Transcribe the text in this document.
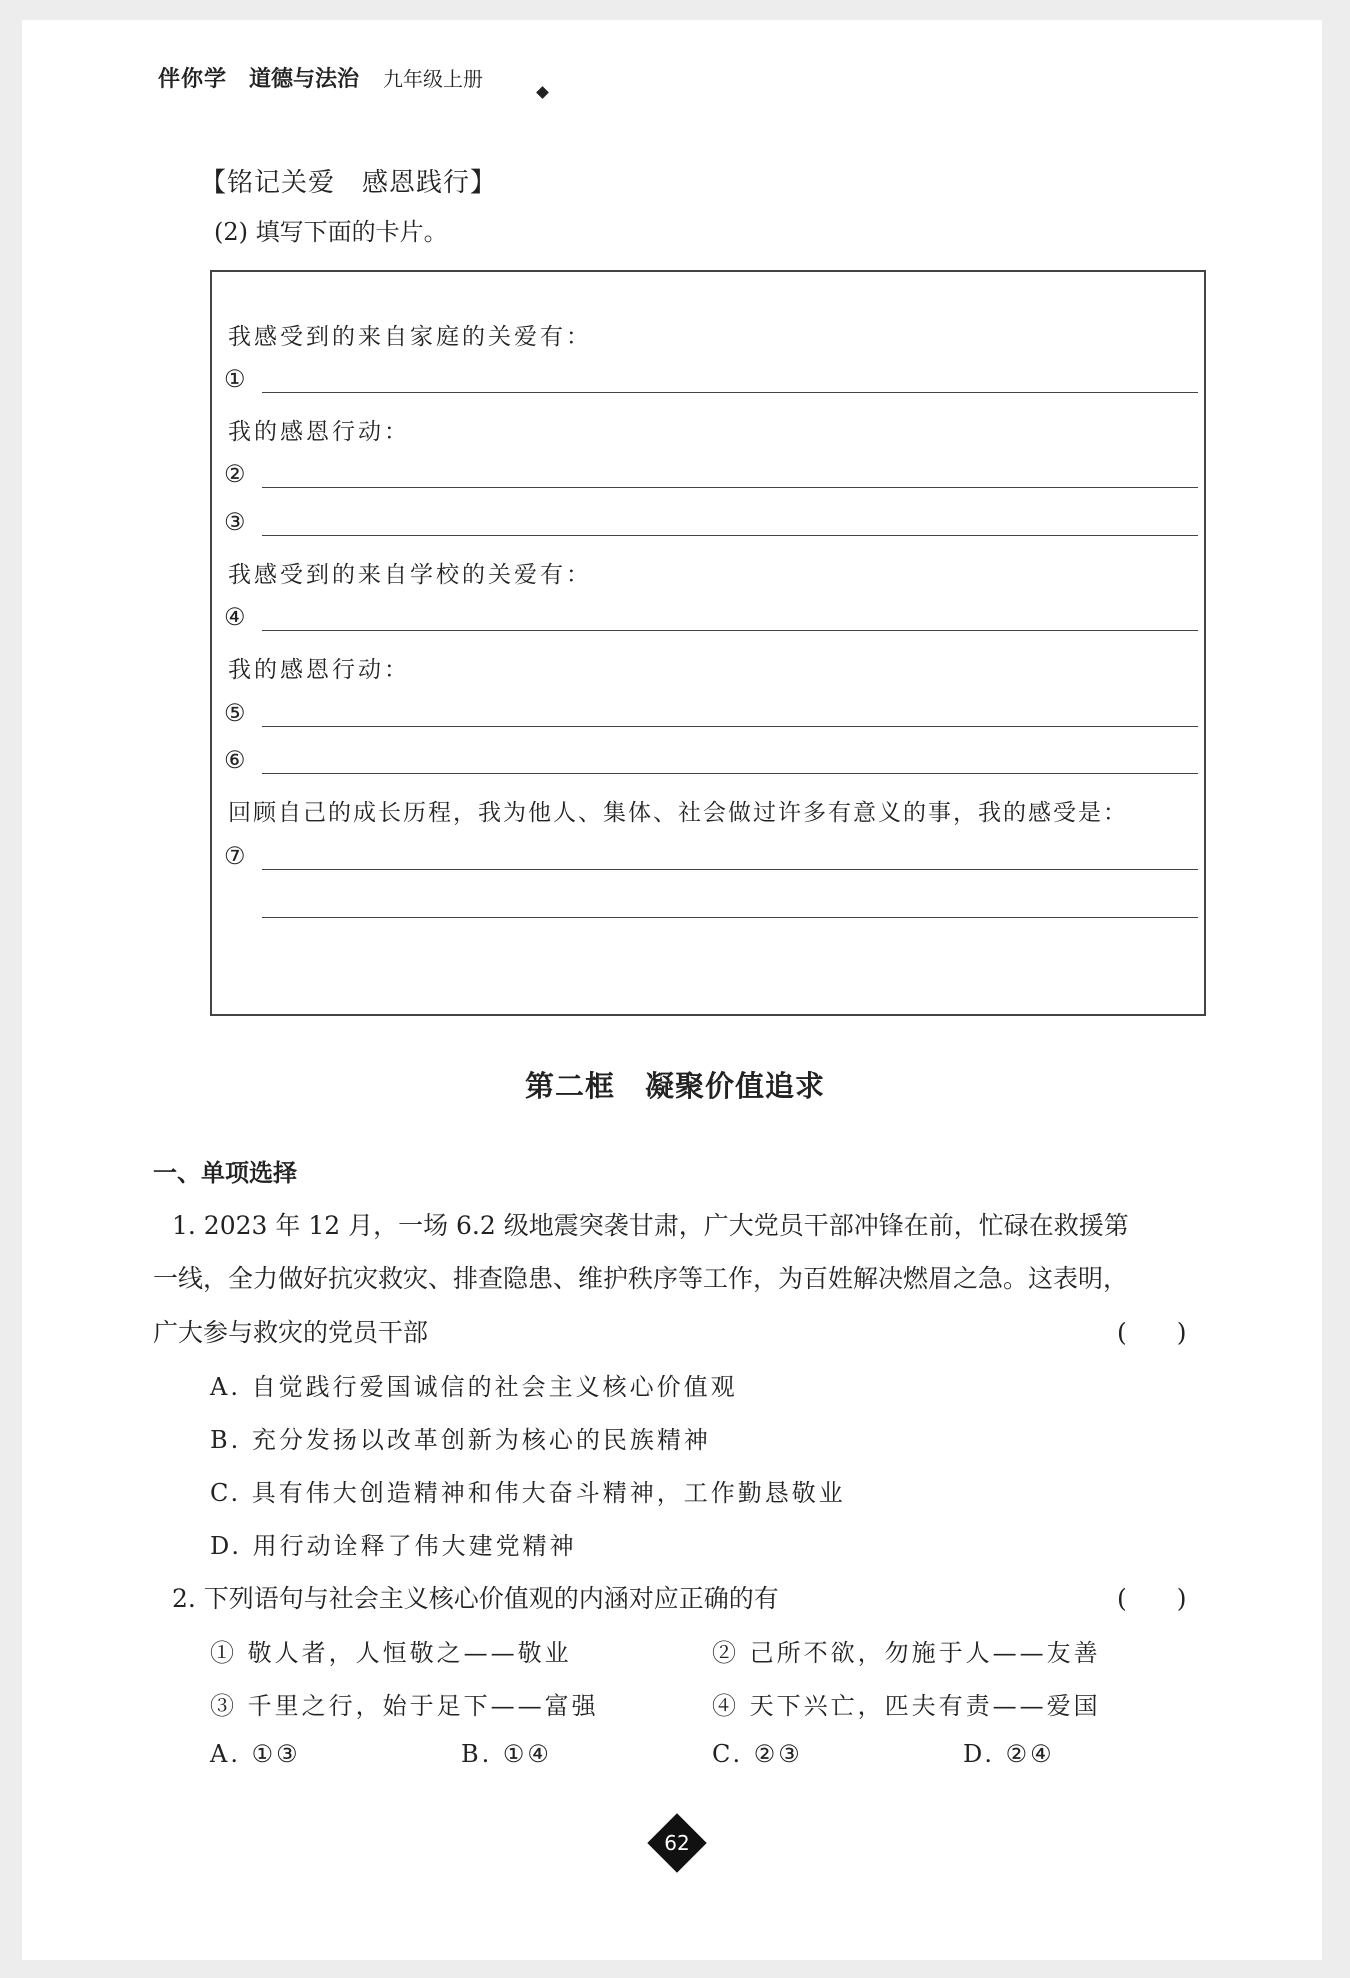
伴你学 道德与法治 九年级上册
【铭记关爱　感恩践行】
(2) 填写下面的卡片。
我感受到的来自家庭的关爱有：
①
我的感恩行动：
②
③
我感受到的来自学校的关爱有：
④
我的感恩行动：
⑤
⑥
回顾自己的成长历程，我为他人、集体、社会做过许多有意义的事，我的感受是：
⑦
第二框　凝聚价值追求
一、单项选择
1. 2023 年 12 月，一场 6.2 级地震突袭甘肃，广大党员干部冲锋在前，忙碌在救援第
一线，全力做好抗灾救灾、排查隐患、维护秩序等工作，为百姓解决燃眉之急。这表明，
广大参与救灾的党员干部	(　　)
A. 自觉践行爱国诚信的社会主义核心价值观
B. 充分发扬以改革创新为核心的民族精神
C. 具有伟大创造精神和伟大奋斗精神，工作勤恳敬业
D. 用行动诠释了伟大建党精神
2. 下列语句与社会主义核心价值观的内涵对应正确的有	(　　)
① 敬人者，人恒敬之——敬业	② 己所不欲，勿施于人——友善
③ 千里之行，始于足下——富强	④ 天下兴亡，匹夫有责——爱国
A. ①③	B. ①④	C. ②③	D. ②④
62
